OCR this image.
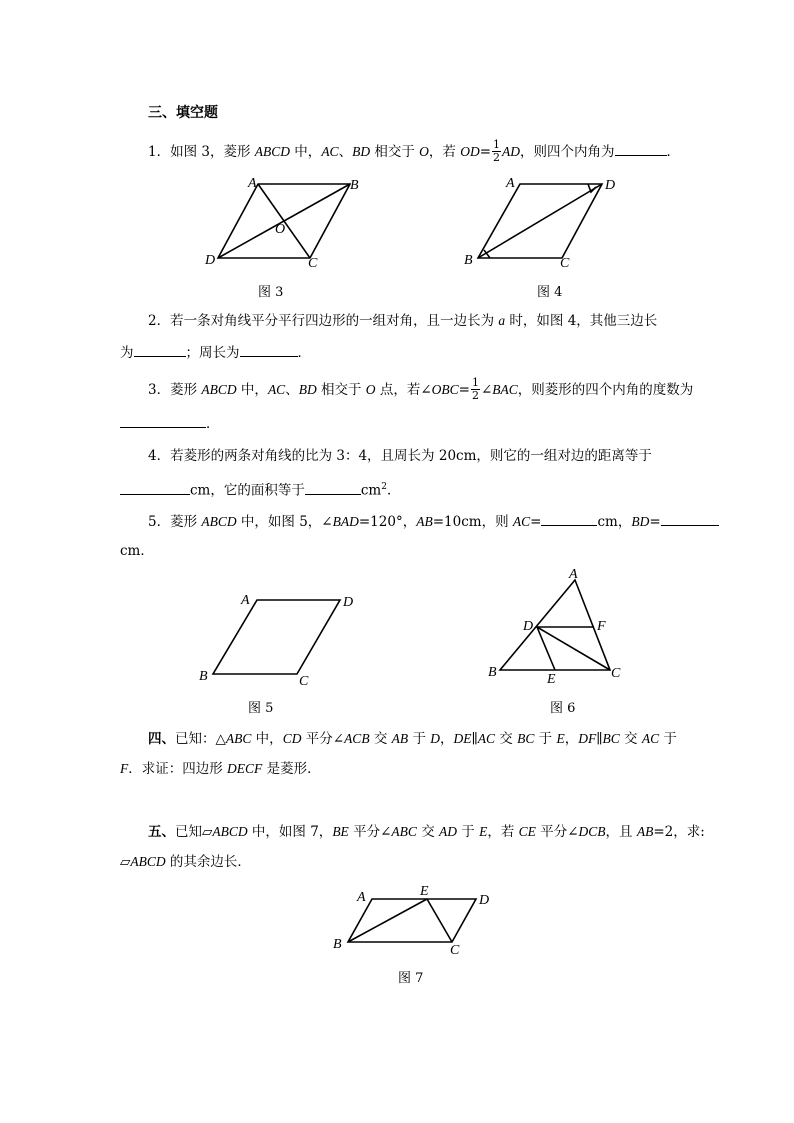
三、填空题
1．如图 3，菱形 ABCD 中，AC、BD 相交于 O，若 $OD= \frac{1}{2}$ AD，则四个内角为	．
A	B
C
D
O
图 3
A	D
C
B
图 4
2．若一条对角线平分平行四边形的一组对角，且一边长为 a 时，如图 4，其他三边长
为	；周长为	．
3．菱形 ABCD 中，AC、BD 相交于 O 点，若∠OBC= $\frac{1}{2}$ ∠BAC，则菱形的四个内角的度数为
．
4．若菱形的两条对角线的比为 3：4，且周长为 20cm，则它的一组对边的距离等于
cm，它的面积等于	$cm^2$．
5．菱形 ABCD 中，如图 5，∠BAD=120°，AB=10cm，则 AC=	cm，BD=
cm．
A	D
C
B
图 5
A
D	F
B	E	C
图 6
四、已知：△ABC 中，CD 平分∠ACB 交 AB 于 D，DE∥AC 交 BC 于 E，DF∥BC 交 AC 于
F．求证：四边形 DECF 是菱形．
五、已知▱ABCD 中，如图 7，BE 平分∠ABC 交 AD 于 E，若 CE 平分∠DCB，且 AB=2，求:
▱ABCD 的其余边长．
A	E
D
C
B
图 7
